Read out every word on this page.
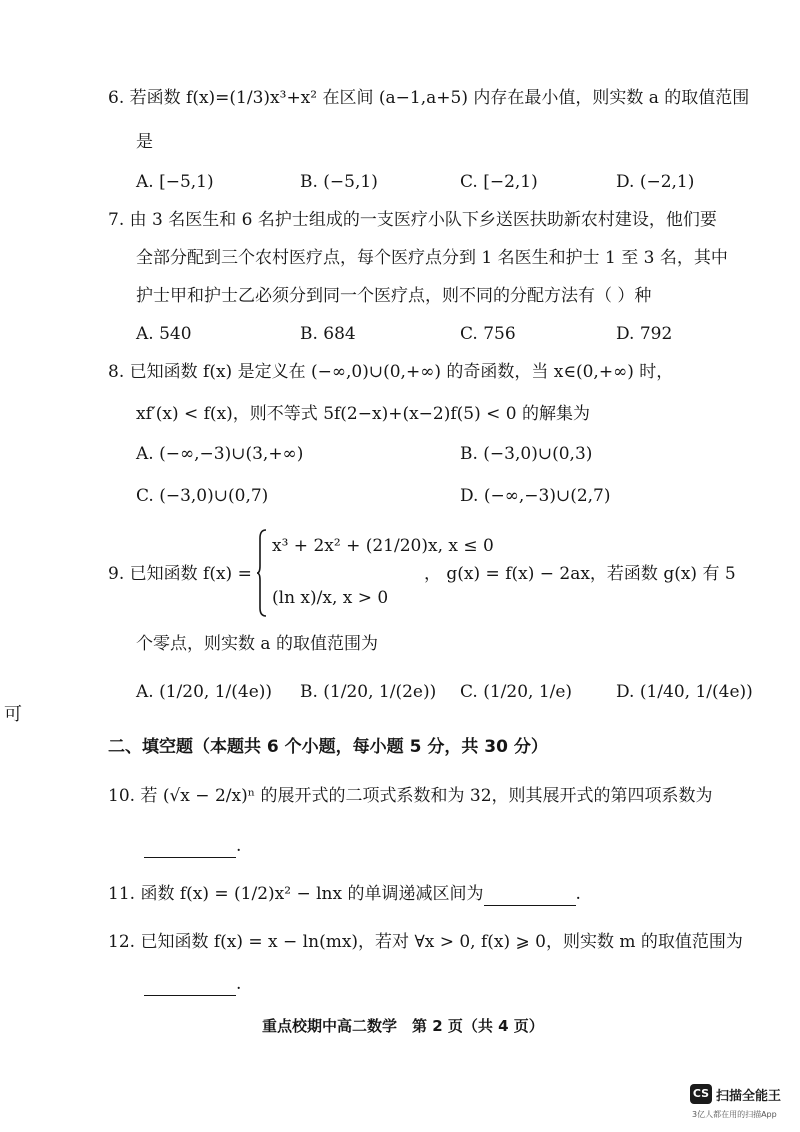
6. 若函数 f(x)=(1/3)x³+x² 在区间 (a−1,a+5) 内存在最小值，则实数 a 的取值范围
是
A. [−5,1)	B. (−5,1)	C. [−2,1)	D. (−2,1)
7. 由 3 名医生和 6 名护士组成的一支医疗小队下乡送医扶助新农村建设，他们要
全部分配到三个农村医疗点，每个医疗点分到 1 名医生和护士 1 至 3 名，其中
护士甲和护士乙必须分到同一个医疗点，则不同的分配方法有（ ）种
A. 540	B. 684	C. 756	D. 792
8. 已知函数 f(x) 是定义在 (−∞,0)∪(0,+∞) 的奇函数，当 x∈(0,+∞) 时，
xf′(x) < f(x)，则不等式 5f(2−x)+(x−2)f(5) < 0 的解集为
A. (−∞,−3)∪(3,+∞)	B. (−3,0)∪(0,3)
C. (−3,0)∪(0,7)	D. (−∞,−3)∪(2,7)
9. 已知函数 f(x) =
x³ + 2x² + (21/20)x, x ≤ 0
(ln x)/x, x > 0
， g(x) = f(x) − 2ax，若函数 g(x) 有 5
个零点，则实数 a 的取值范围为
A. (1/20, 1/(4e)) B. (1/20, 1/(2e)) C. (1/20, 1/e)	D. (1/40, 1/(4e))
二、填空题（本题共 6 个小题，每小题 5 分，共 30 分）
10. 若 (√x − 2/x)ⁿ 的展开式的二项式系数和为 32，则其展开式的第四项系数为
.
11. 函数 f(x) = (1/2)x² − lnx 的单调递减区间为	.
12. 已知函数 f(x) = x − ln(mx)，若对 ∀x > 0, f(x) ⩾ 0，则实数 m 的取值范围为
.
可
重点校期中高二数学　第 2 页（共 4 页）
CS 扫描全能王
3亿人都在用的扫描App
